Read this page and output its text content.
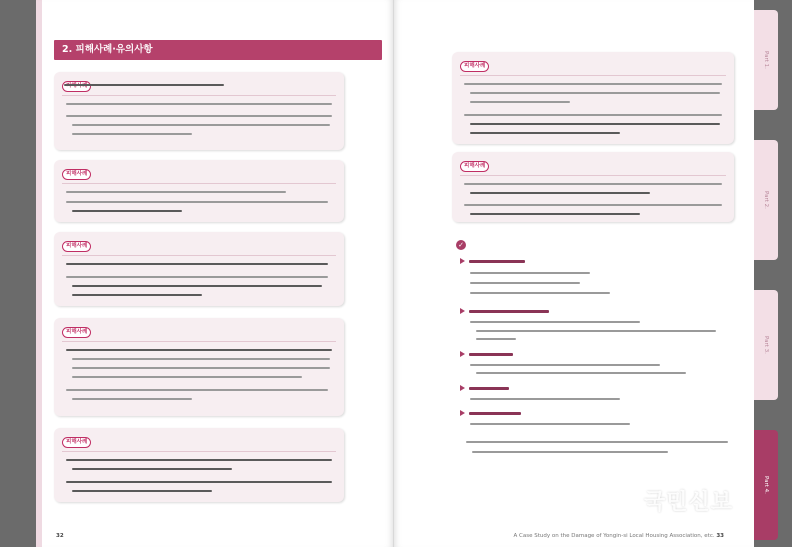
2. 피해사례·유의사항
피해사례
피해사례
피해사례
피해사례
32
피해사례
피해사례
✓
A Case Study on the Damage of Yongin-si Local Housing Association, etc. 33
Part 1.
Part 2.
Part 3.
Part 4.
국민신보
